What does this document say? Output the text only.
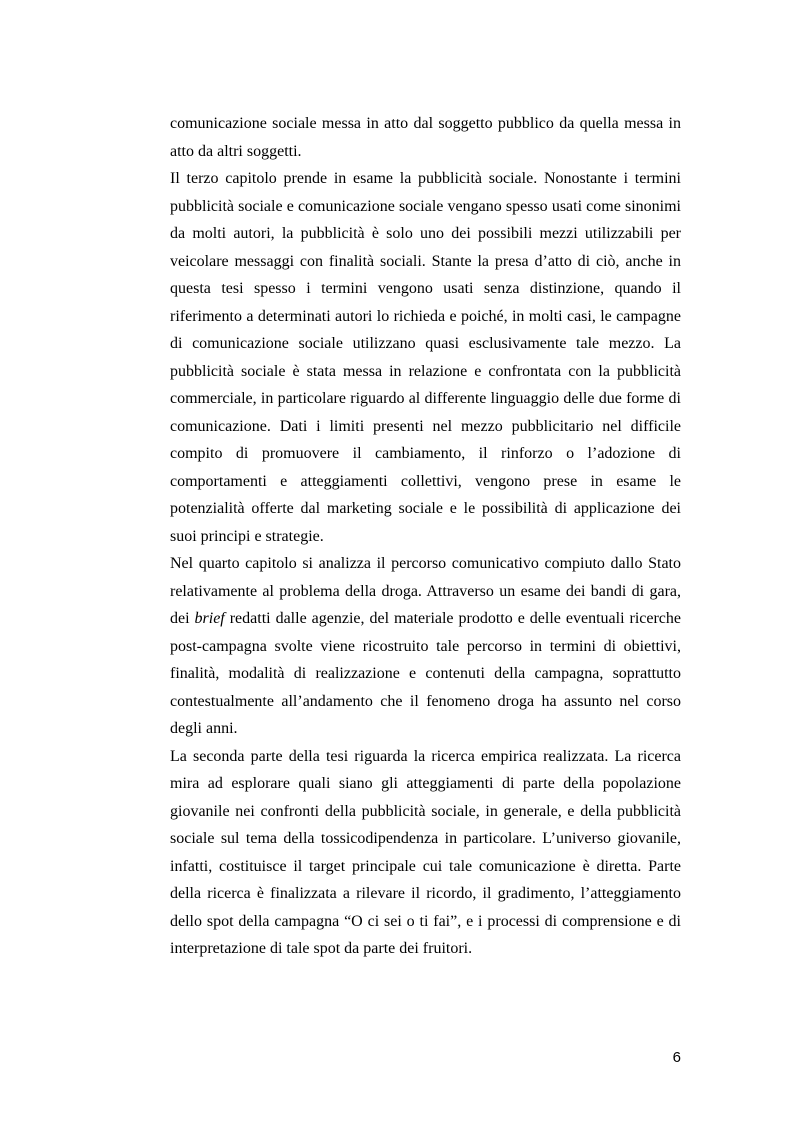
comunicazione sociale messa in atto dal soggetto pubblico da quella messa in
atto da altri soggetti.
Il terzo capitolo prende in esame la pubblicità sociale. Nonostante i termini
pubblicità sociale e comunicazione sociale vengano spesso usati come sinonimi
da molti autori, la pubblicità è solo uno dei possibili mezzi utilizzabili per
veicolare messaggi con finalità sociali. Stante la presa d’atto di ciò, anche in
questa tesi spesso i termini vengono usati senza distinzione, quando il
riferimento a determinati autori lo richieda e poiché, in molti casi, le campagne
di comunicazione sociale utilizzano quasi esclusivamente tale mezzo. La
pubblicità sociale è stata messa in relazione e confrontata con la pubblicità
commerciale, in particolare riguardo al differente linguaggio delle due forme di
comunicazione. Dati i limiti presenti nel mezzo pubblicitario nel difficile
compito di promuovere il cambiamento, il rinforzo o l’adozione di
comportamenti e atteggiamenti collettivi, vengono prese in esame le
potenzialità offerte dal marketing sociale e le possibilità di applicazione dei
suoi principi e strategie.
Nel quarto capitolo si analizza il percorso comunicativo compiuto dallo Stato
relativamente al problema della droga. Attraverso un esame dei bandi di gara,
dei brief redatti dalle agenzie, del materiale prodotto e delle eventuali ricerche
post-campagna svolte viene ricostruito tale percorso in termini di obiettivi,
finalità, modalità di realizzazione e contenuti della campagna, soprattutto
contestualmente all’andamento che il fenomeno droga ha assunto nel corso
degli anni.
La seconda parte della tesi riguarda la ricerca empirica realizzata. La ricerca
mira ad esplorare quali siano gli atteggiamenti di parte della popolazione
giovanile nei confronti della pubblicità sociale, in generale, e della pubblicità
sociale sul tema della tossicodipendenza in particolare. L’universo giovanile,
infatti, costituisce il target principale cui tale comunicazione è diretta. Parte
della ricerca è finalizzata a rilevare il ricordo, il gradimento, l’atteggiamento
dello spot della campagna “O ci sei o ti fai”, e i processi di comprensione e di
interpretazione di tale spot da parte dei fruitori.
6
